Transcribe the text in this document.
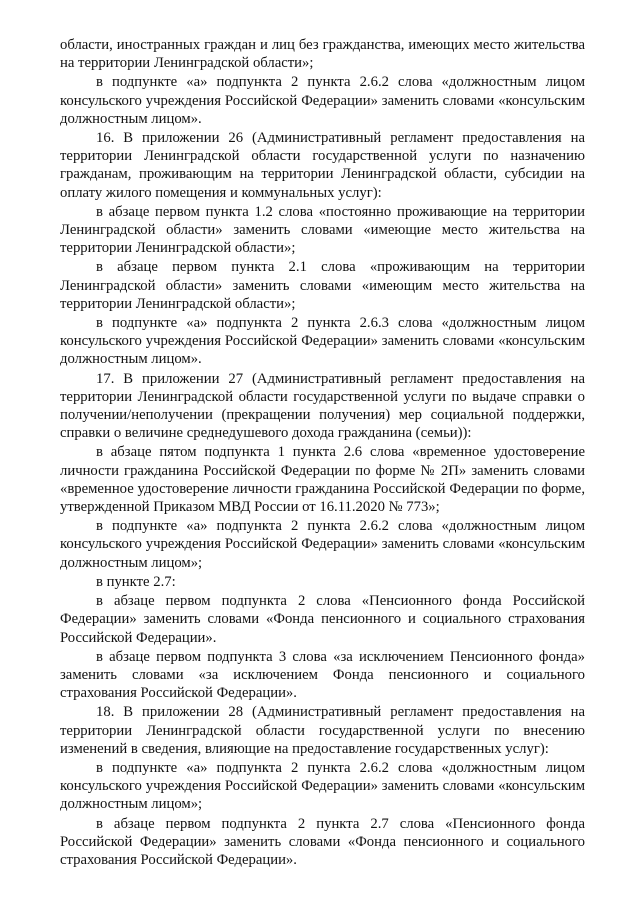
области, иностранных граждан и лиц без гражданства, имеющих место жительства на территории Ленинградской области»;

в подпункте «а» подпункта 2 пункта 2.6.2 слова «должностным лицом консульского учреждения Российской Федерации» заменить словами «консульским должностным лицом».

16. В приложении 26 (Административный регламент предоставления на территории Ленинградской области государственной услуги по назначению гражданам, проживающим на территории Ленинградской области, субсидии на оплату жилого помещения и коммунальных услуг):

в абзаце первом пункта 1.2 слова «постоянно проживающие на территории Ленинградской области» заменить словами «имеющие место жительства на территории Ленинградской области»;

в абзаце первом пункта 2.1 слова «проживающим на территории Ленинградской области» заменить словами «имеющим место жительства на территории Ленинградской области»;

в подпункте «а» подпункта 2 пункта 2.6.3 слова «должностным лицом консульского учреждения Российской Федерации» заменить словами «консульским должностным лицом».

17. В приложении 27 (Административный регламент предоставления на территории Ленинградской области государственной услуги по выдаче справки о получении/неполучении (прекращении получения) мер социальной поддержки, справки о величине среднедушевого дохода гражданина (семьи)):

в абзаце пятом подпункта 1 пункта 2.6 слова «временное удостоверение личности гражданина Российской Федерации по форме № 2П» заменить словами «временное удостоверение личности гражданина Российской Федерации по форме, утвержденной Приказом МВД России от 16.11.2020 № 773»;

в подпункте «а» подпункта 2 пункта 2.6.2 слова «должностным лицом консульского учреждения Российской Федерации» заменить словами «консульским должностным лицом»;

в пункте 2.7:

в абзаце первом подпункта 2 слова «Пенсионного фонда Российской Федерации» заменить словами «Фонда пенсионного и социального страхования Российской Федерации».

в абзаце первом подпункта 3 слова «за исключением Пенсионного фонда» заменить словами «за исключением Фонда пенсионного и социального страхования Российской Федерации».

18. В приложении 28 (Административный регламент предоставления на территории Ленинградской области государственной услуги по внесению изменений в сведения, влияющие на предоставление государственных услуг):

в подпункте «а» подпункта 2 пункта 2.6.2 слова «должностным лицом консульского учреждения Российской Федерации» заменить словами «консульским должностным лицом»;

в абзаце первом подпункта 2 пункта 2.7 слова «Пенсионного фонда Российской Федерации» заменить словами «Фонда пенсионного и социального страхования Российской Федерации».
